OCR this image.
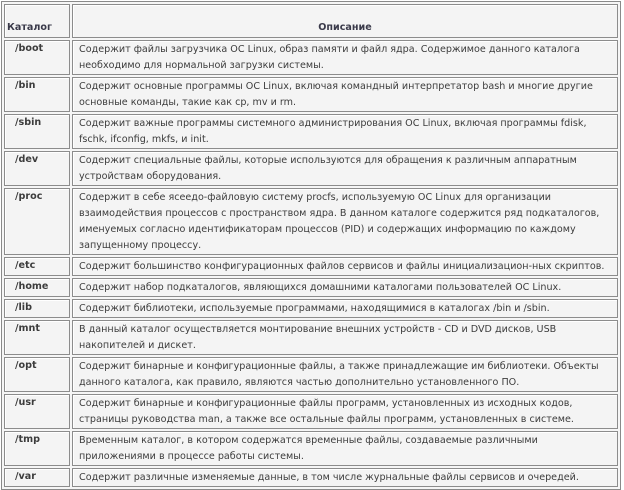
Каталог	Описание
/boot	Содержит файлы загрузчика ОС Linux, образ памяти и файл ядра. Содержимое данного каталога необходимо для нормальной загрузки системы.
/bin	Содержит основные программы ОС Linux, включая командный интерпретатор bash и многие другие основные команды, такие как cp, mv и rm.
/sbin	Содержит важные программы системного администрирования ОС Linux, включая программы fdisk, fschk, ifconfig, mkfs, и init.
/dev	Содержит специальные файлы, которые используются для обращения к различным аппаратным устройствам оборудования.
/proc	Содержит в себе ясеедо-файловую систему procfs, используемую ОС Linux для организации взаимодействия процессов с пространством ядра. В данном каталоге содержится ряд подкаталогов, именуемых согласно идентификаторам процессов (PID) и содержащих информацию по каждому запущенному процессу.
/etc	Содержит большинство конфигурационных файлов сервисов и файлы инициализацион-ных скриптов.
/home	Содержит набор подкаталогов, являющихся домашними каталогами пользователей ОС Linux.
/lib	Содержит библиотеки, используемые программами, находящимися в каталогах /bin и /sbin.
/mnt	В данный каталог осуществляется монтирование внешних устройств - CD и DVD дисков, USB накопителей и дискет.
/opt	Содержит бинарные и конфигурационные файлы, а также принадлежащие им библиотеки. Объекты данного каталога, как правило, являются частью дополнительно установленного ПО.
/usr	Содержит бинарные и конфигурационные файлы программ, установленных из исходных кодов, страницы руководства man, а также все остальные файлы программ, установленных в системе.
/tmp	Временным каталог, в котором содержатся временные файлы, создаваемые различными приложениями в процессе работы системы.
/var	Содержит различные изменяемые данные, в том числе журнальные файлы сервисов и очередей.
